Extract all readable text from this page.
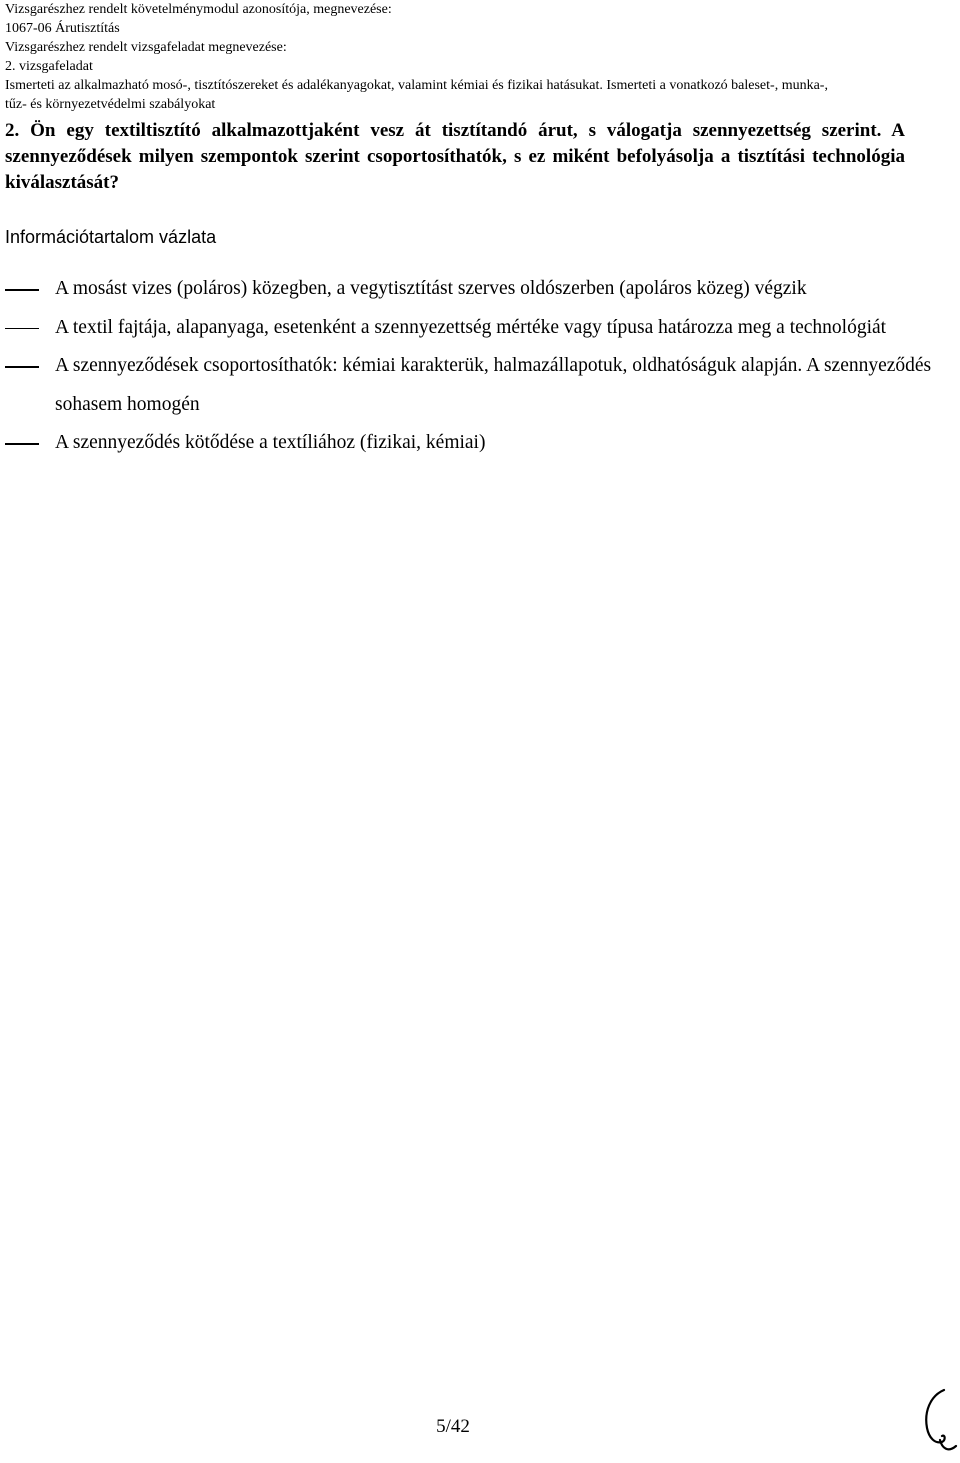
Vizsgarészhez rendelt követelménymodul azonosítója, megnevezése:
1067-06 Árutisztítás
Vizsgarészhez rendelt vizsgafeladat megnevezése:
2. vizsgafeladat
Ismerteti az alkalmazható mosó-, tisztítószereket és adalékanyagokat, valamint kémiai és fizikai hatásukat. Ismerteti a vonatkozó baleset-, munka-,
tűz- és környezetvédelmi szabályokat
2. Ön egy textiltisztító alkalmazottjaként vesz át tisztítandó árut, s válogatja szennyezettség szerint. A szennyeződések milyen szempontok szerint csoportosíthatók, s ez miként befolyásolja a tisztítási technológia kiválasztását?
Információtartalom vázlata
A mosást vizes (poláros) közegben, a vegytisztítást szerves oldószerben (apoláros közeg) végzik
A textil fajtája, alapanyaga, esetenként a szennyezettség mértéke vagy típusa határozza meg a technológiát
A szennyeződések csoportosíthatók: kémiai karakterük, halmazállapotuk, oldhatóságuk alapján. A szennyeződés sohasem homogén
A szennyeződés kötődése a textíliához (fizikai, kémiai)
5/42
